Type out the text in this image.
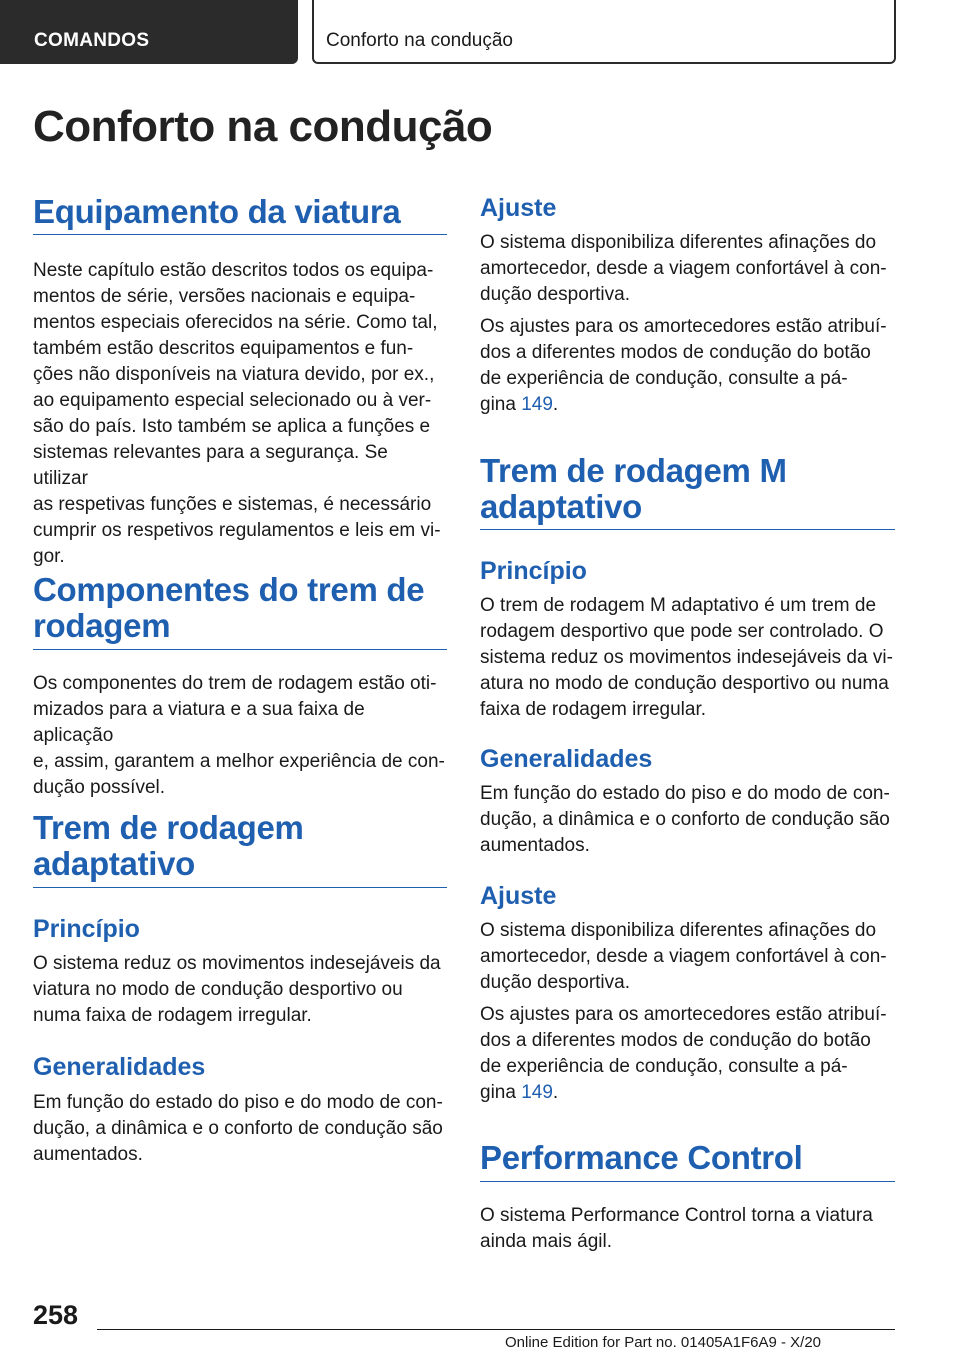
COMANDOS	Conforto na condução
Conforto na condução
Equipamento da viatura
Neste capítulo estão descritos todos os equipa-
mentos de série, versões nacionais e equipa-
mentos especiais oferecidos na série. Como tal,
também estão descritos equipamentos e fun-
ções não disponíveis na viatura devido, por ex.,
ao equipamento especial selecionado ou à ver-
são do país. Isto também se aplica a funções e
sistemas relevantes para a segurança. Se utilizar
as respetivas funções e sistemas, é necessário
cumprir os respetivos regulamentos e leis em vi-
gor.
Componentes do trem de
rodagem
Os componentes do trem de rodagem estão oti-
mizados para a viatura e a sua faixa de aplicação
e, assim, garantem a melhor experiência de con-
dução possível.
Trem de rodagem
adaptativo
Princípio
O sistema reduz os movimentos indesejáveis da
viatura no modo de condução desportivo ou
numa faixa de rodagem irregular.
Generalidades
Em função do estado do piso e do modo de con-
dução, a dinâmica e o conforto de condução são
aumentados.
Ajuste
O sistema disponibiliza diferentes afinações do
amortecedor, desde a viagem confortável à con-
dução desportiva.
Os ajustes para os amortecedores estão atribuí-
dos a diferentes modos de condução do botão
de experiência de condução, consulte a pá-
gina 149.
Trem de rodagem M
adaptativo
Princípio
O trem de rodagem M adaptativo é um trem de
rodagem desportivo que pode ser controlado. O
sistema reduz os movimentos indesejáveis da vi-
atura no modo de condução desportivo ou numa
faixa de rodagem irregular.
Generalidades
Em função do estado do piso e do modo de con-
dução, a dinâmica e o conforto de condução são
aumentados.
Ajuste
O sistema disponibiliza diferentes afinações do
amortecedor, desde a viagem confortável à con-
dução desportiva.
Os ajustes para os amortecedores estão atribuí-
dos a diferentes modos de condução do botão
de experiência de condução, consulte a pá-
gina 149.
Performance Control
O sistema Performance Control torna a viatura
ainda mais ágil.
258
Online Edition for Part no. 01405A1F6A9 - X/20
